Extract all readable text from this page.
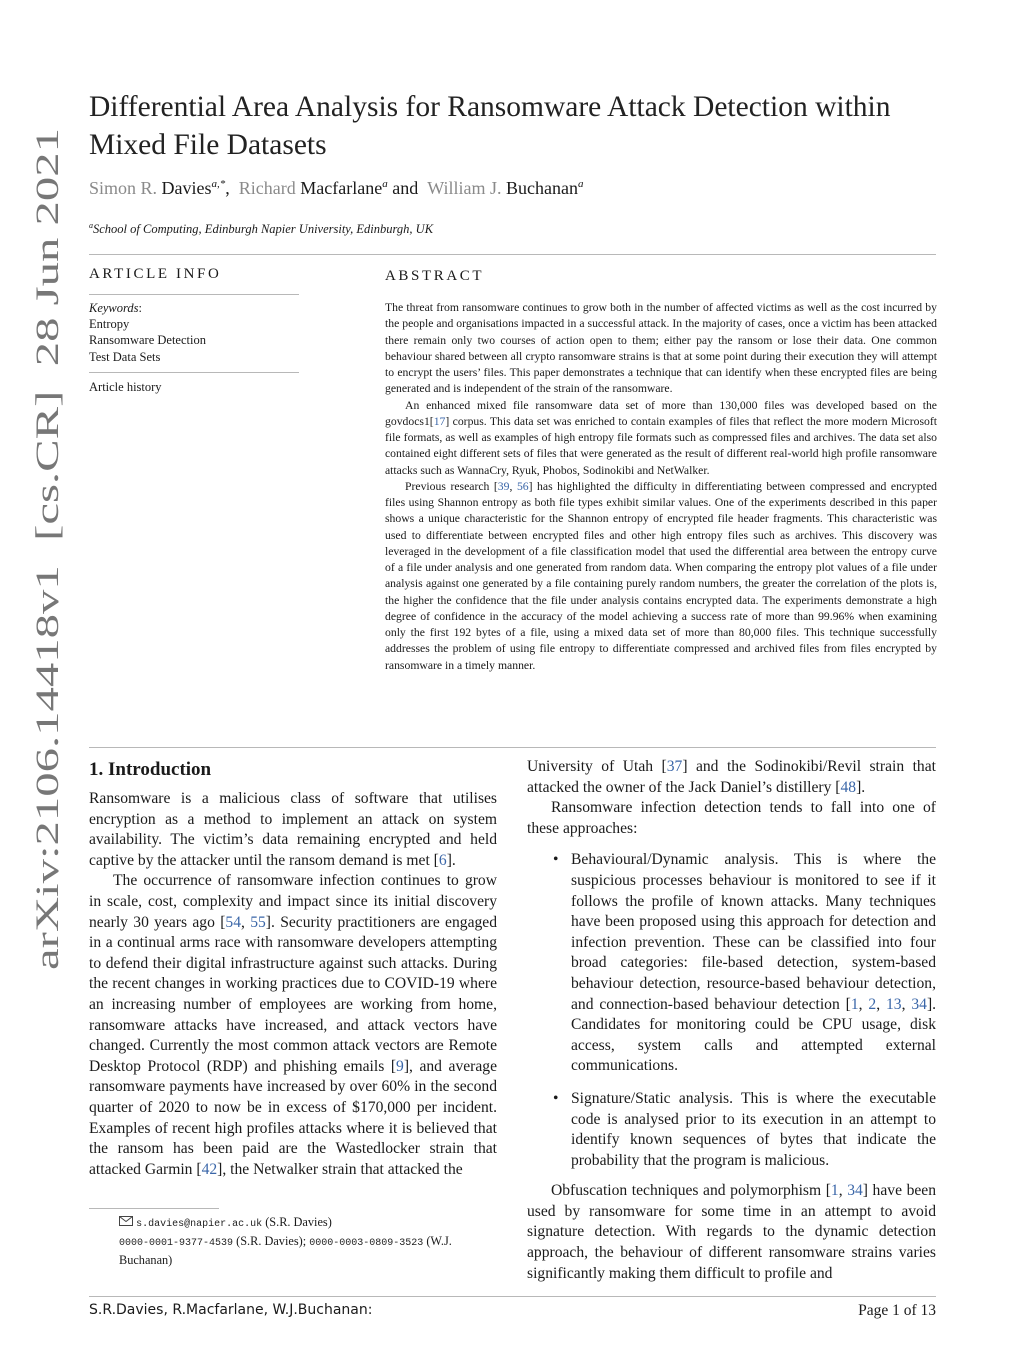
arXiv:2106.14418v1  [cs.CR]  28 Jun 2021
Differential Area Analysis for Ransomware Attack Detection within
Mixed File Datasets
Simon R. Davies$^{a,*}$, Richard Macfarlane$^a$ and William J. Buchanan$^a$
$^a$School of Computing, Edinburgh Napier University, Edinburgh, UK
ARTICLE INFO
Keywords:
Entropy
Ransomware Detection
Test Data Sets
Article history
ABSTRACT

The threat from ransomware continues to grow both in the number of affected victims as well as the cost incurred by the people and organisations impacted in a successful attack. In the majority of cases, once a victim has been attacked there remain only two courses of action open to them; either pay the ransom or lose their data. One common behaviour shared between all crypto ransomware strains is that at some point during their execution they will attempt to encrypt the users’ files. This paper demonstrates a technique that can identify when these encrypted files are being generated and is independent of the strain of the ransomware.

An enhanced mixed file ransomware data set of more than 130,000 files was developed based on the govdocs1[17] corpus. This data set was enriched to contain examples of files that reflect the more modern Microsoft file formats, as well as examples of high entropy file formats such as compressed files and archives. The data set also contained eight different sets of files that were generated as the result of different real-world high profile ransomware attacks such as WannaCry, Ryuk, Phobos, Sodinokibi and NetWalker.

Previous research [39, 56] has highlighted the difficulty in differentiating between compressed and encrypted files using Shannon entropy as both file types exhibit similar values. One of the experiments described in this paper shows a unique characteristic for the Shannon entropy of encrypted file header fragments. This characteristic was used to differentiate between encrypted files and other high entropy files such as archives. This discovery was leveraged in the development of a file classification model that used the differential area between the entropy curve of a file under analysis and one generated from random data. When comparing the entropy plot values of a file under analysis against one generated by a file containing purely random numbers, the greater the correlation of the plots is, the higher the confidence that the file under analysis contains encrypted data. The experiments demonstrate a high degree of confidence in the accuracy of the model achieving a success rate of more than 99.96% when examining only the first 192 bytes of a file, using a mixed data set of more than 80,000 files. This technique successfully addresses the problem of using file entropy to differentiate compressed and archived files from files encrypted by ransomware in a timely manner.

1. Introduction

Ransomware is a malicious class of software that utilises encryption as a method to implement an attack on system availability. The victim’s data remaining encrypted and held captive by the attacker until the ransom demand is met [6].

The occurrence of ransomware infection continues to grow in scale, cost, complexity and impact since its initial discovery nearly 30 years ago [54, 55]. Security practitioners are engaged in a continual arms race with ransomware developers attempting to defend their digital infrastructure against such attacks. During the recent changes in working practices due to COVID-19 where an increasing number of employees are working from home, ransomware attacks have increased, and attack vectors have changed. Currently the most common attack vectors are Remote Desktop Protocol (RDP) and phishing emails [9], and average ransomware payments have increased by over 60% in the second quarter of 2020 to now be in excess of $170,000 per incident. Examples of recent high profiles attacks where it is believed that the ransom has been paid are the Wastedlocker strain that attacked Garmin [42], the Netwalker strain that attacked the

University of Utah [37] and the Sodinokibi/Revil strain that attacked the owner of the Jack Daniel’s distillery [48].

Ransomware infection detection tends to fall into one of these approaches:

• Behavioural/Dynamic analysis. This is where the suspicious processes behaviour is monitored to see if it follows the profile of known attacks. Many techniques have been proposed using this approach for detection and infection prevention. These can be classified into four broad categories: file-based detection, system-based behaviour detection, resource-based behaviour detection, and connection-based behaviour detection [1, 2, 13, 34]. Candidates for monitoring could be CPU usage, disk access, system calls and attempted external communications.
• Signature/Static analysis. This is where the executable code is analysed prior to its execution in an attempt to identify known sequences of bytes that indicate the probability that the program is malicious.

Obfuscation techniques and polymorphism [1, 34] have been used by ransomware for some time in an attempt to avoid signature detection. With regards to the dynamic detection approach, the behaviour of different ransomware strains varies significantly making them difficult to profile and

s.davies@napier.ac.uk (S.R. Davies)
0000-0001-9377-4539 (S.R. Davies); 0000-0003-0809-3523 (W.J. Buchanan)
S.R.Davies, R.Macfarlane, W.J.Buchanan:	Page 1 of 13
